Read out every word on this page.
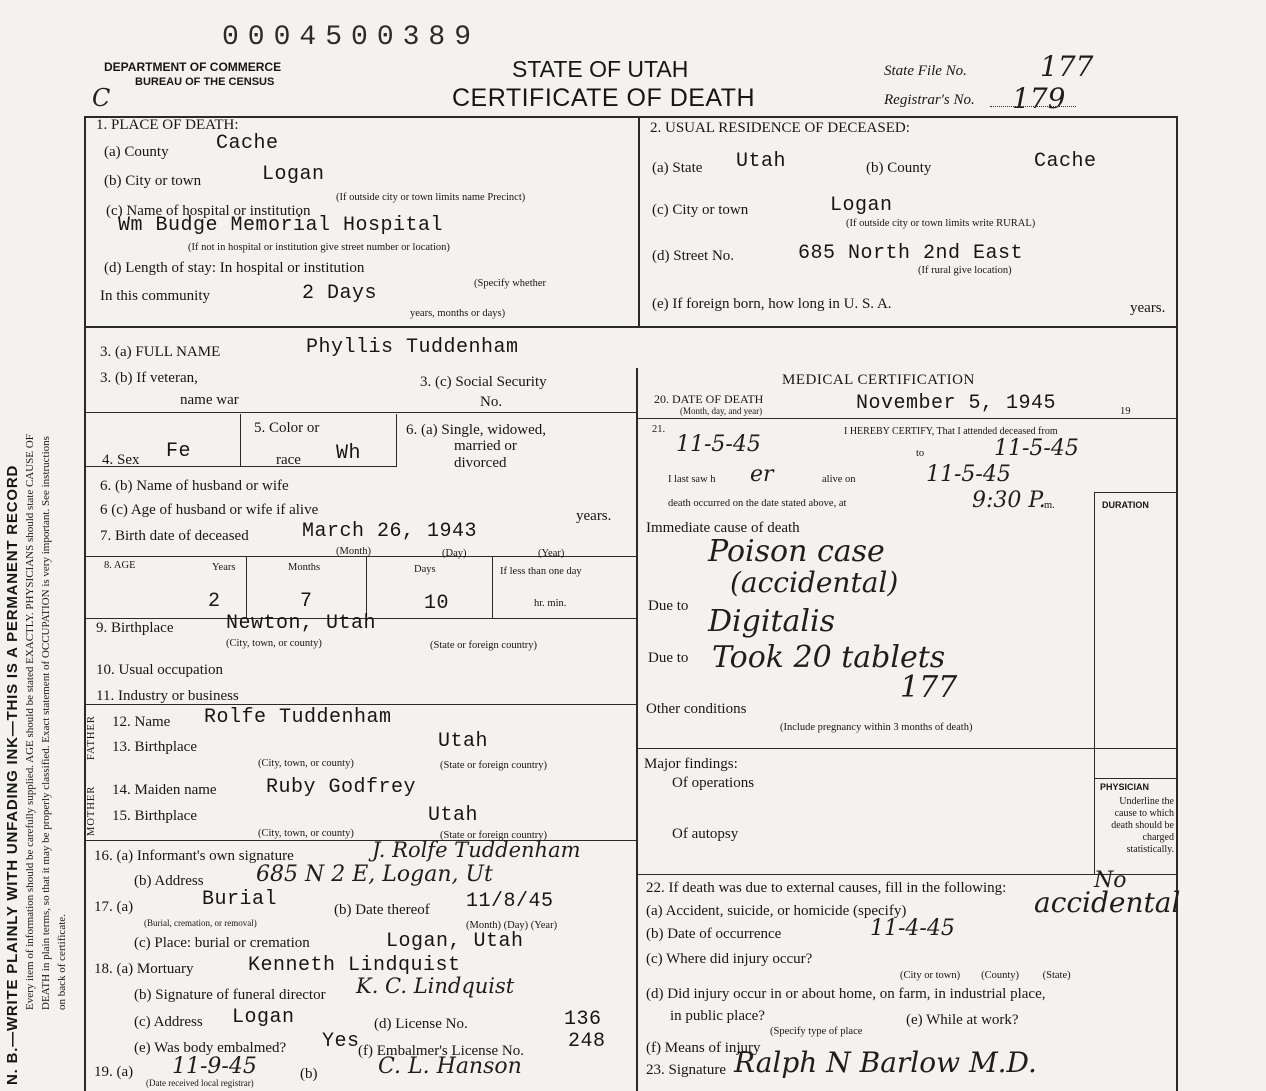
N. B.—WRITE PLAINLY WITH UNFADING INK—THIS IS A PERMANENT RECORD Every item of information should be carefully supplied. AGE should be stated EXACTLY. PHYSICIANS should state CAUSE OF DEATH in plain terms, so that it may be properly classified. Exact statement of OCCUPATION is very important. See instructions on back of certificate.
0004500389
DEPARTMENT OF COMMERCE
BUREAU OF THE CENSUS
C
STATE OF UTAH
CERTIFICATE OF DEATH
State File No.	177
Registrar's No. 179
1. PLACE OF DEATH:
(a) County Cache
(b) City or town	Logan
(If outside city or town limits name Precinct)
(c) Name of hospital or institution
Wm Budge Memorial Hospital
(If not in hospital or institution give street number or location)
(d) Length of stay: In hospital or institution
In this community	2 Days	(Specify whether
years, months or days)
2. USUAL RESIDENCE OF DECEASED:
(a) State Utah	(b) County	Cache
(c) City or town	Logan
(If outside city or town limits write RURAL)
(d) Street No.	685 North 2nd East
(If rural give location)
(e) If foreign born, how long in U. S. A.	years.
3. (a) FULL NAME	Phyllis Tuddenham
3. (b) If veteran,
name war
3. (c) Social Security
No.
4. Sex Fe
5. Color or
race Wh
6. (a) Single, widowed,
married or
divorced
6. (b) Name of husband or wife
6 (c) Age of husband or wife if alive	years.
7. Birth date of deceased	March 26, 1943
(Month)	(Day)	(Year)
8. AGE	Years	Months	Days	If less than one day
2	7	10	hr. min.
9. Birthplace	Newton, Utah
(City, town, or county)	(State or foreign country)
10. Usual occupation
11. Industry or business
FATHER
MOTHER
12. Name Rolfe Tuddenham
13. Birthplace	Utah
(City, town, or county)	(State or foreign country)
14. Maiden name Ruby Godfrey
15. Birthplace	Utah
(City, town, or county)	(State or foreign country)
16. (a) Informant's own signature	J. Rolfe Tuddenham
(b) Address 685 N 2 E, Logan, Ut
17. (a)	Burial
(Burial, cremation, or removal)
(b) Date thereof 11/8/45
(Month) (Day) (Year)
(c) Place: burial or cremation	Logan, Utah
18. (a) Mortuary	Kenneth Lindquist
(b) Signature of funeral director K. C. Lindquist
(c) Address Logan	(d) License No.	136
(e) Was body embalmed? Yes
(f) Embalmer's License No. 248
19. (a) 11-9-45
(Date received local registrar)
(b)	C. L. Hanson
MEDICAL CERTIFICATION
20. DATE OF DEATH
(Month, day, and year)	November 5, 1945	19
21.	I HEREBY CERTIFY, That I attended deceased from
11-5-45	to	11-5-45
I last saw h er	alive on	11-5-45
death occurred on the date stated above, at	9:30 P.
m.	DURATION
Immediate cause of death
Poison case
(accidental)
Due to Digitalis
Due to Took 20 tablets
177
Other conditions
(Include pregnancy within 3 months of death)
Major findings:
Of operations
Of autopsy
PHYSICIAN
Underline the cause to which death should be charged statistically.
22. If death was due to external causes, fill in the following:	No
(a) Accident, suicide, or homicide (specify)	accidental
(b) Date of occurrence	11-4-45
(c) Where did injury occur?
(City or town)        (County)         (State)
(d) Did injury occur in or about home, on farm, in industrial place,
in public place?
(Specify type of place
(e) While at work?
(f) Means of injury
23. Signature Ralph N Barlow M.D.
